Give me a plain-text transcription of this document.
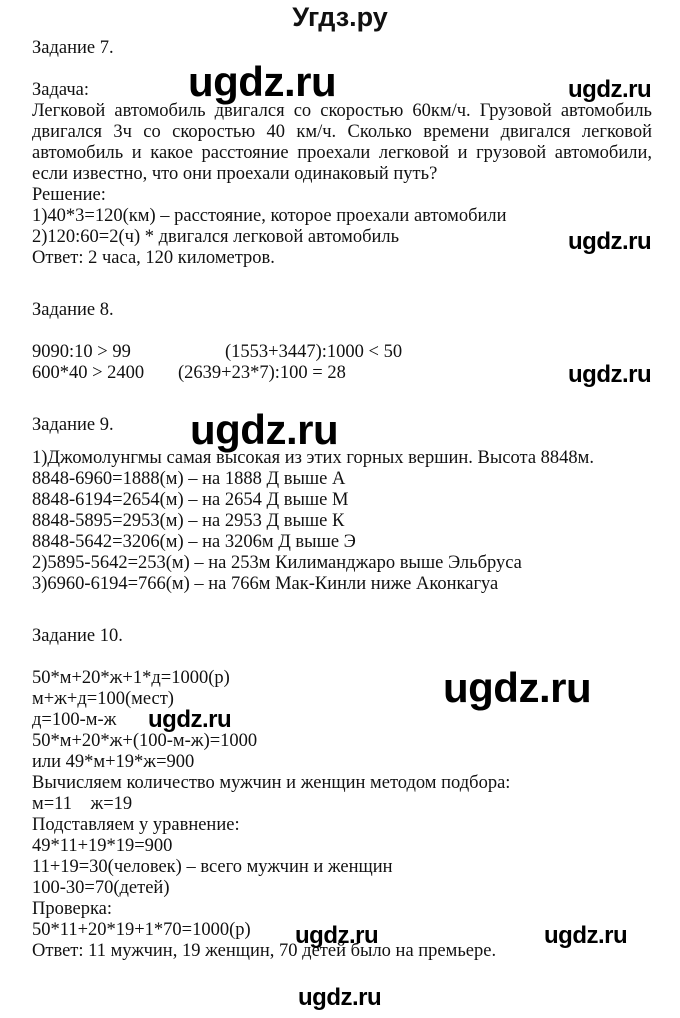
Угдз.ру
Задание 7.
Задача:
Легковой автомобиль двигался со скоростью 60км/ч. Грузовой автомобиль
двигался 3ч со скоростью 40 км/ч. Сколько времени двигался легковой
автомобиль и какое расстояние проехали легковой и грузовой автомобили,
если известно, что они проехали одинаковый путь?
Решение:
1)40*3=120(км) – расстояние, которое проехали автомобили
2)120:60=2(ч) * двигался легковой автомобиль
Ответ: 2 часа, 120 километров.
Задание 8.
9090:10 > 99	(1553+3447):1000 < 50
600*40 > 2400 (2639+23*7):100 = 28
Задание 9.
1)Джомолунгмы самая высокая из этих горных вершин. Высота 8848м.
8848-6960=1888(м) – на 1888 Д выше А
8848-6194=2654(м) – на 2654 Д выше М
8848-5895=2953(м) – на 2953 Д выше К
8848-5642=3206(м) – на 3206м Д выше Э
2)5895-5642=253(м) – на 253м Килиманджаро выше Эльбруса
3)6960-6194=766(м) – на 766м Мак-Кинли ниже Аконкагуа
Задание 10.
50*м+20*ж+1*д=1000(р)
м+ж+д=100(мест)
д=100-м-ж
50*м+20*ж+(100-м-ж)=1000
или 49*м+19*ж=900
Вычисляем количество мужчин и женщин методом подбора:
м=11    ж=19
Подставляем у уравнение:
49*11+19*19=900
11+19=30(человек) – всего мужчин и женщин
100-30=70(детей)
Проверка:
50*11+20*19+1*70=1000(р)
Ответ: 11 мужчин, 19 женщин, 70 детей было на премьере.
ugdz.ru	ugdz.ru
ugdz.ru
ugdz.ru
ugdz.ru
ugdz.ru
ugdz.ru
ugdz.ru	ugdz.ru
ugdz.ru
